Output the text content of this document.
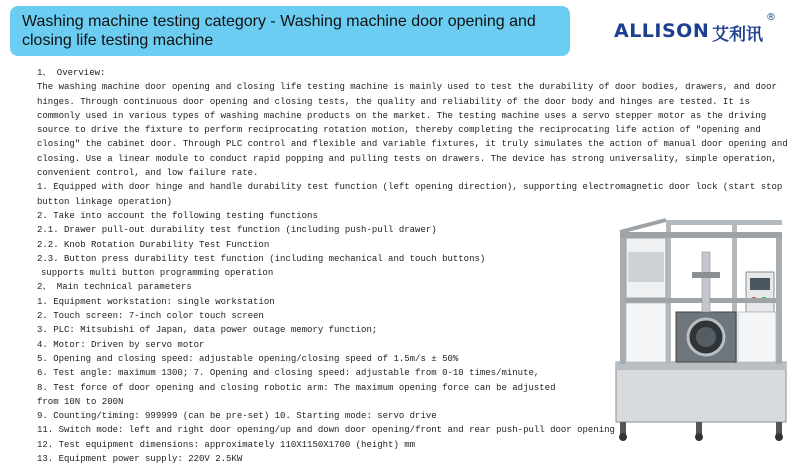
Washing machine testing category - Washing machine door opening and closing life testing machine	ALLISON 艾利讯
®
1、 Overview:
The washing machine door opening and closing life testing machine is mainly used to test the durability of door bodies, drawers, and door hinges. Through continuous door opening and closing tests, the quality and reliability of the door body and hinges are tested. It is commonly used in various types of washing machine products on the market. The testing machine uses a servo stepper motor as the driving source to drive the fixture to perform reciprocating rotation motion, thereby completing the reciprocating life action of "opening and closing" the cabinet door. Through PLC control and flexible and variable fixtures, it truly simulates the action of manual door opening and closing. Use a linear module to conduct rapid popping and pulling tests on drawers. The device has strong universality, simple operation, convenient control, and low failure rate.
1. Equipped with door hinge and handle durability test function (left opening direction), supporting electromagnetic door lock (start stop button linkage operation)
2. Take into account the following testing functions
2.1. Drawer pull-out durability test function (including push-pull drawer)
2.2. Knob Rotation Durability Test Function
2.3. Button press durability test function (including mechanical and touch buttons)
supports multi button programming operation
2、 Main technical parameters
1. Equipment workstation: single workstation
2. Touch screen: 7-inch color touch screen
3. PLC: Mitsubishi of Japan, data power outage memory function;
4. Motor: Driven by servo motor
5. Opening and closing speed: adjustable opening/closing speed of 1.5m/s ± 50%
6. Test angle: maximum 1300; 7. Opening and closing speed: adjustable from 0-10 times/minute,
8. Test force of door opening and closing robotic arm: The maximum opening force can be adjusted from 10N to 200N
9. Counting/timing: 999999 (can be pre-set) 10. Starting mode: servo drive
11. Switch mode: left and right door opening/up and down door opening/front and rear push-pull door opening
12. Test equipment dimensions: approximately 110X1150X1700 (height) mm
13. Equipment power supply: 220V 2.5KW
